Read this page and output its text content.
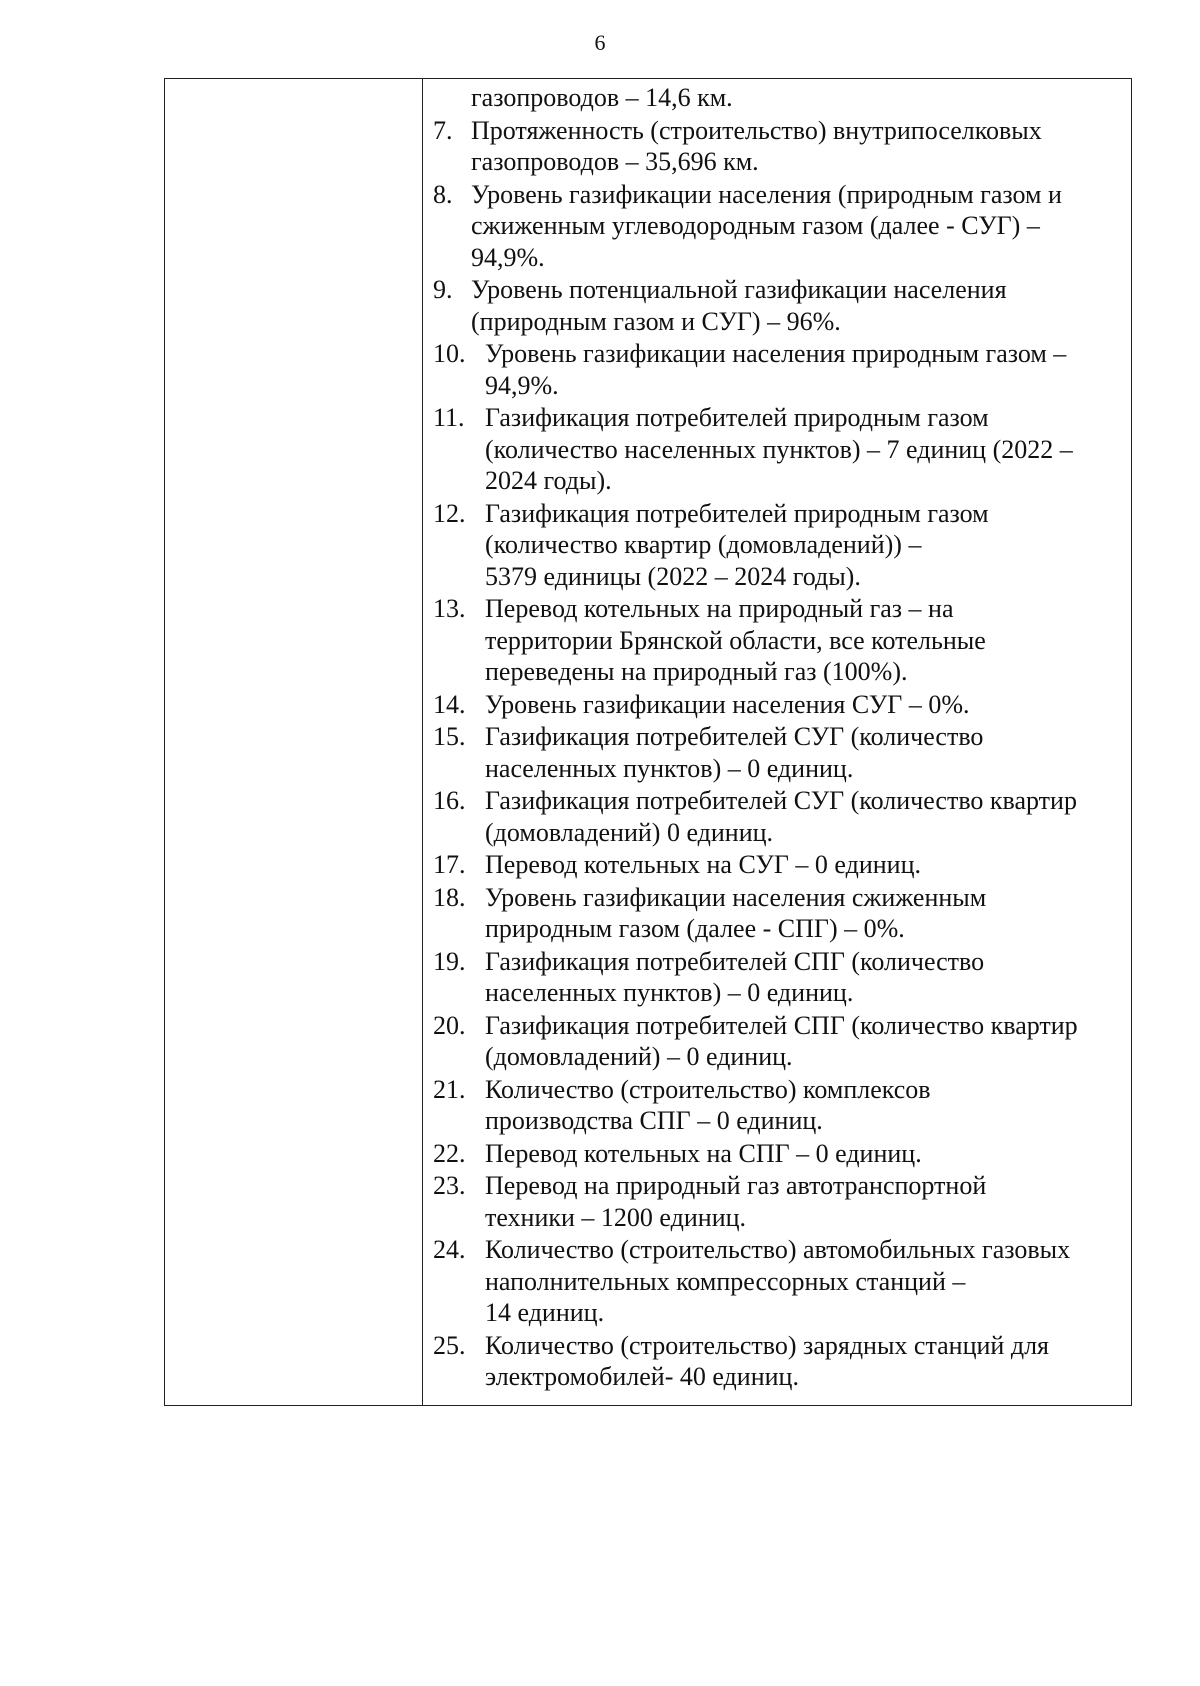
6
газопроводов – 14,6 км.
7. Протяженность (строительство) внутрипоселковых
газопроводов – 35,696 км.
8. Уровень газификации населения (природным газом и
сжиженным углеводородным газом (далее - СУГ) –
94,9%.
9. Уровень потенциальной газификации населения
(природным газом и СУГ) – 96%.
10. Уровень газификации населения природным газом –
94,9%.
11. Газификация потребителей природным газом
(количество населенных пунктов) – 7 единиц (2022 –
2024 годы).
12. Газификация потребителей природным газом
(количество квартир (домовладений)) –
5379 единицы (2022 – 2024 годы).
13. Перевод котельных на природный газ – на
территории Брянской области, все котельные
переведены на природный газ (100%).
14. Уровень газификации населения СУГ – 0%.
15. Газификация потребителей СУГ (количество
населенных пунктов) – 0 единиц.
16. Газификация потребителей СУГ (количество квартир
(домовладений) 0 единиц.
17. Перевод котельных на СУГ – 0 единиц.
18. Уровень газификации населения сжиженным
природным газом (далее - СПГ) – 0%.
19. Газификация потребителей СПГ (количество
населенных пунктов) – 0 единиц.
20. Газификация потребителей СПГ (количество квартир
(домовладений) – 0 единиц.
21. Количество (строительство) комплексов
производства СПГ – 0 единиц.
22. Перевод котельных на СПГ – 0 единиц.
23. Перевод на природный газ автотранспортной
техники – 1200 единиц.
24. Количество (строительство) автомобильных газовых
наполнительных компрессорных станций –
14 единиц.
25. Количество (строительство) зарядных станций для
электромобилей- 40 единиц.
